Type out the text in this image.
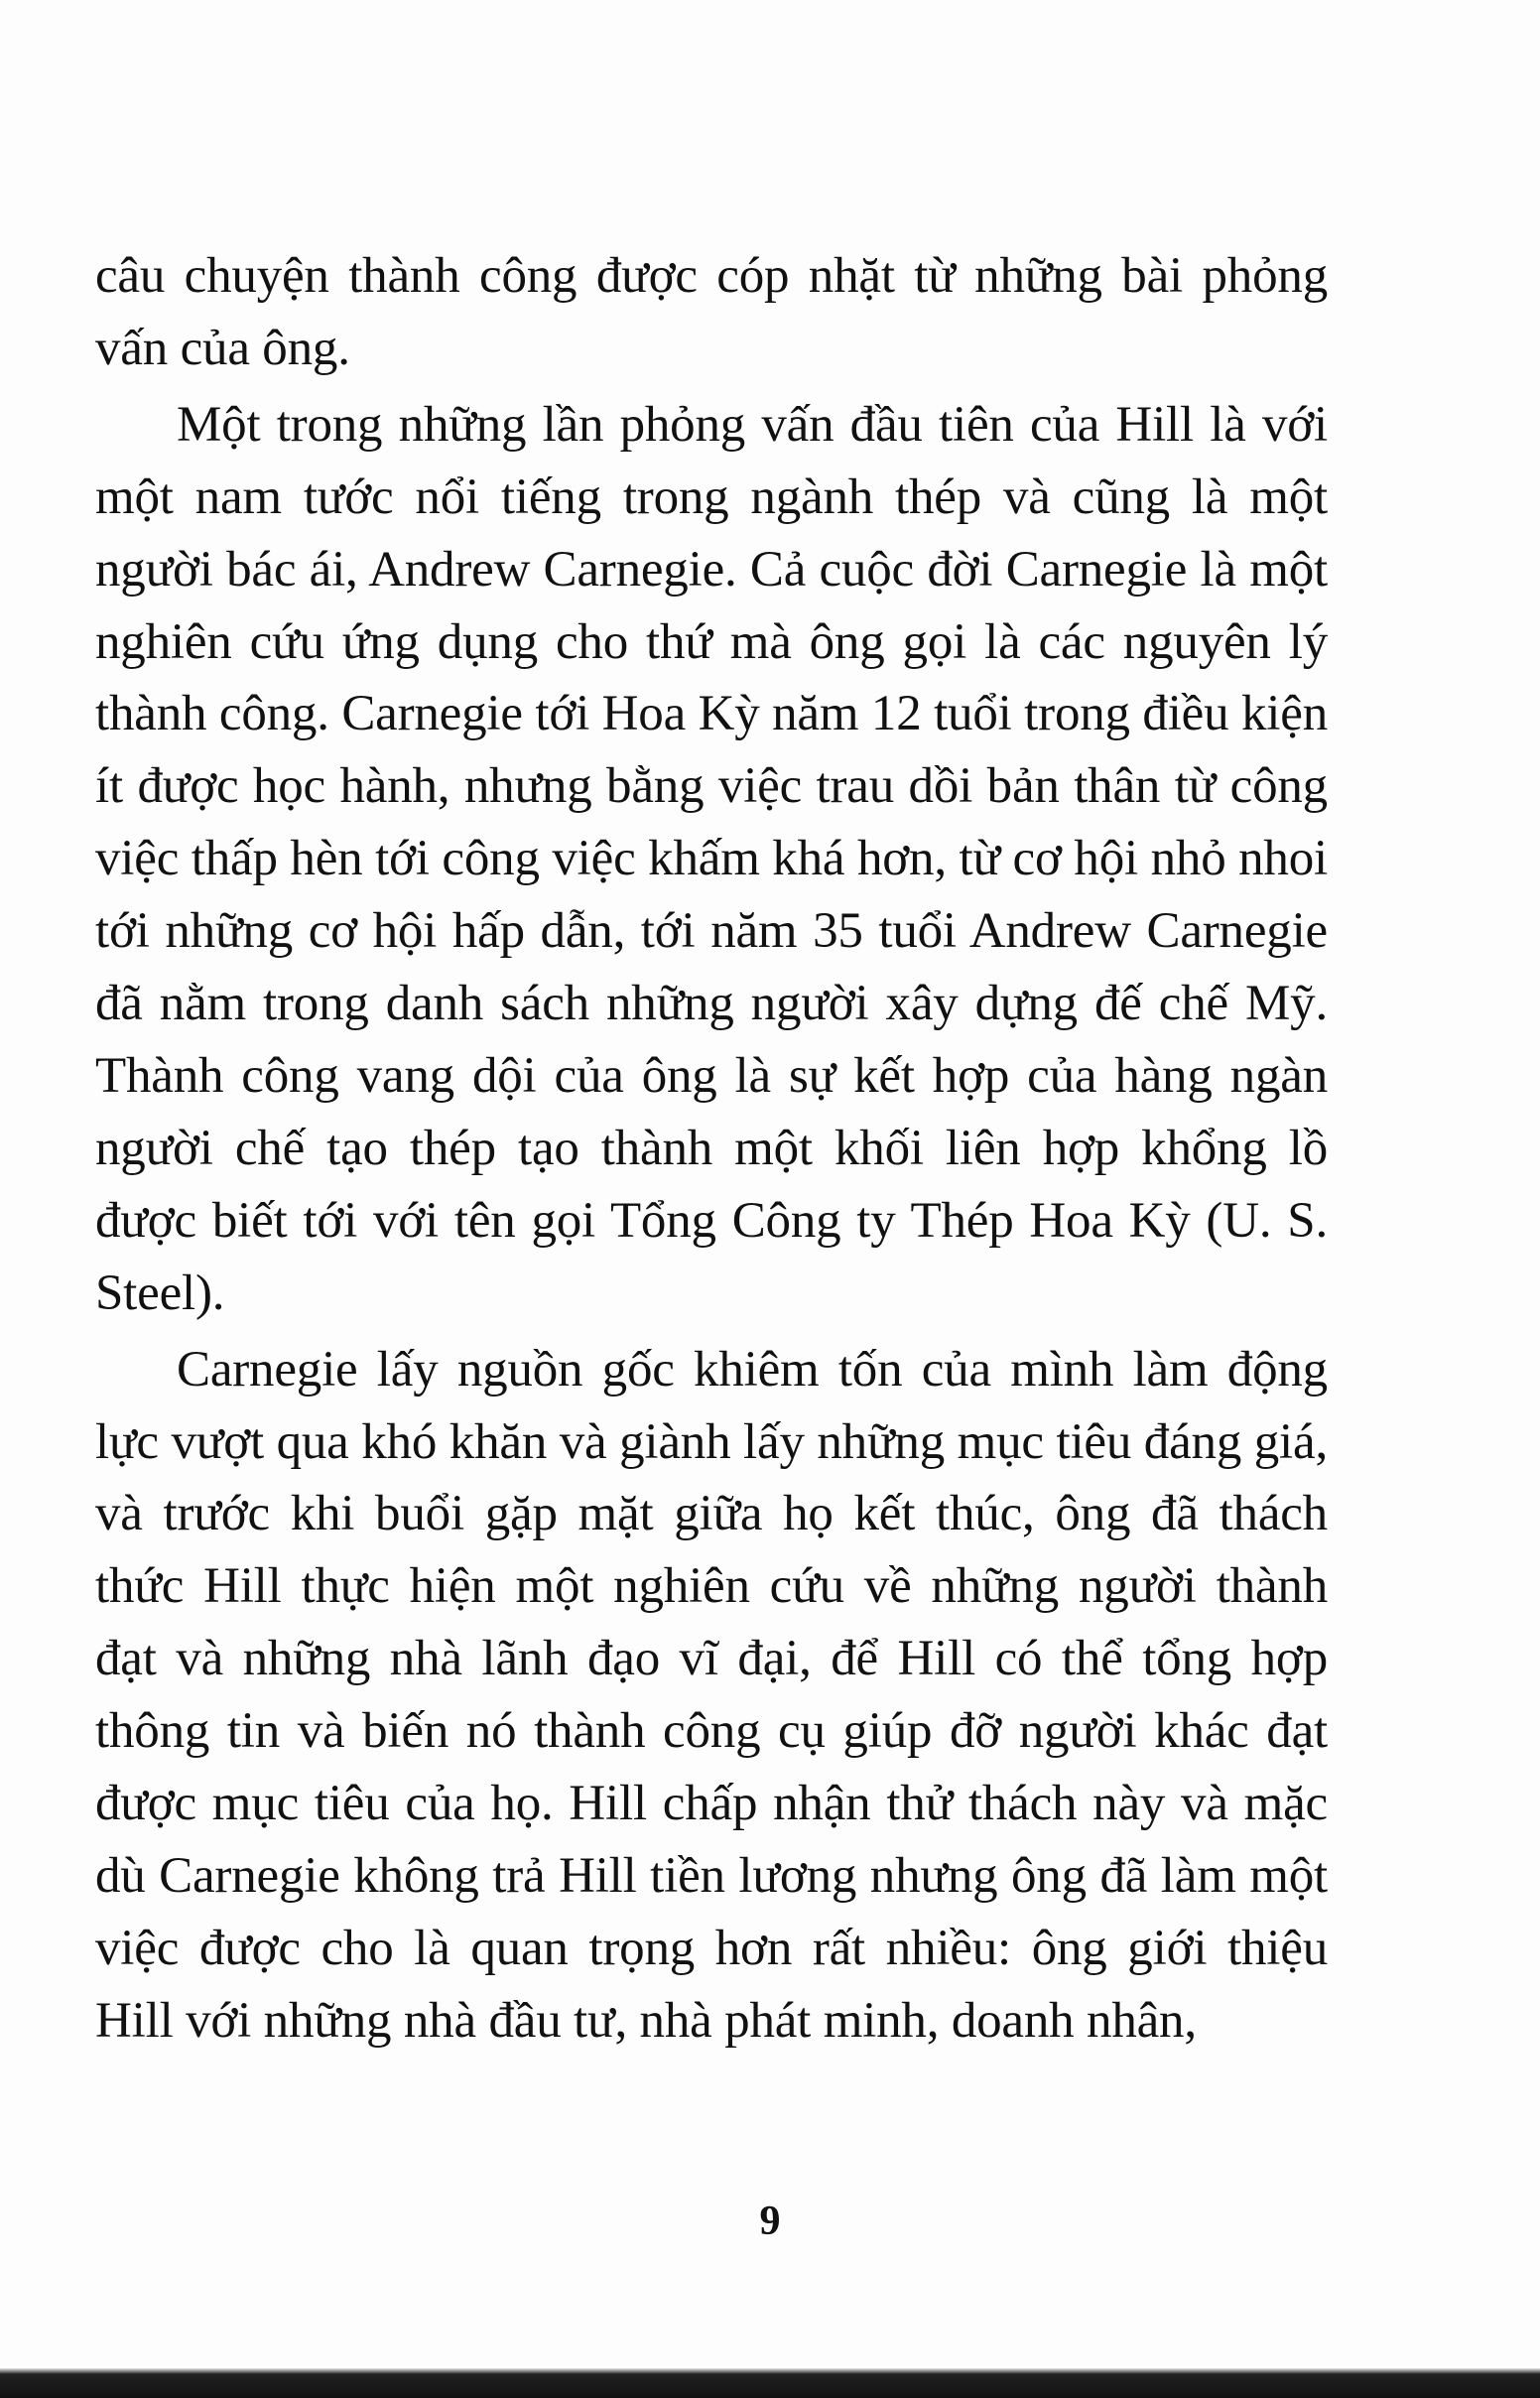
câu chuyện thành công được cóp nhặt từ những bài phỏng vấn của ông.

Một trong những lần phỏng vấn đầu tiên của Hill là với một nam tước nổi tiếng trong ngành thép và cũng là một người bác ái, Andrew Carnegie. Cả cuộc đời Carnegie là một nghiên cứu ứng dụng cho thứ mà ông gọi là các nguyên lý thành công. Carnegie tới Hoa Kỳ năm 12 tuổi trong điều kiện ít được học hành, nhưng bằng việc trau dồi bản thân từ công việc thấp hèn tới công việc khấm khá hơn, từ cơ hội nhỏ nhoi tới những cơ hội hấp dẫn, tới năm 35 tuổi Andrew Carnegie đã nằm trong danh sách những người xây dựng đế chế Mỹ. Thành công vang dội của ông là sự kết hợp của hàng ngàn người chế tạo thép tạo thành một khối liên hợp khổng lồ được biết tới với tên gọi Tổng Công ty Thép Hoa Kỳ (U. S. Steel).

Carnegie lấy nguồn gốc khiêm tốn của mình làm động lực vượt qua khó khăn và giành lấy những mục tiêu đáng giá, và trước khi buổi gặp mặt giữa họ kết thúc, ông đã thách thức Hill thực hiện một nghiên cứu về những người thành đạt và những nhà lãnh đạo vĩ đại, để Hill có thể tổng hợp thông tin và biến nó thành công cụ giúp đỡ người khác đạt được mục tiêu của họ. Hill chấp nhận thử thách này và mặc dù Carnegie không trả Hill tiền lương nhưng ông đã làm một việc được cho là quan trọng hơn rất nhiều: ông giới thiệu Hill với những nhà đầu tư, nhà phát minh, doanh nhân,

9
